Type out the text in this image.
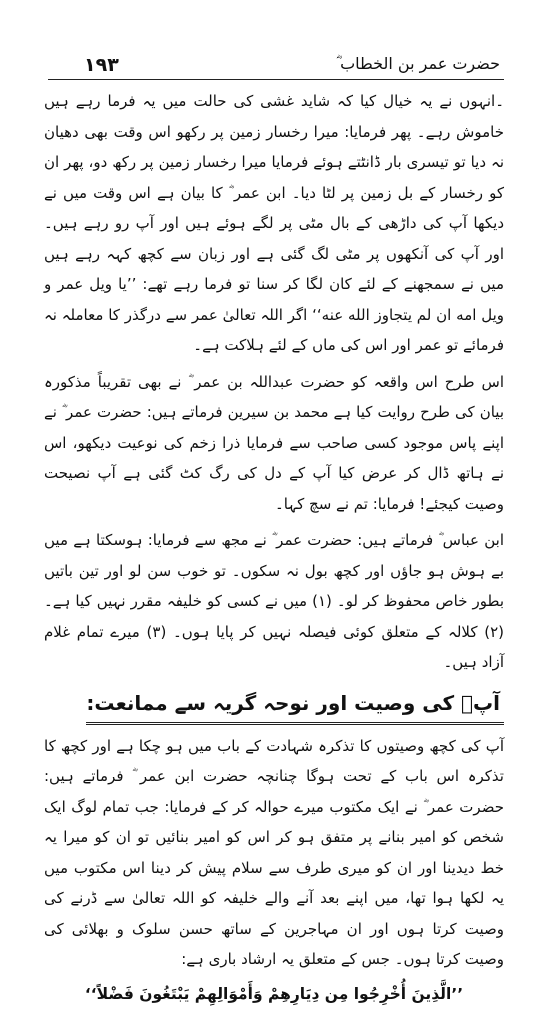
۱۹۳	حضرت عمر بن الخطاب ؓ

۔انہوں نے یہ خیال کیا کہ شاید غشی کی حالت میں یہ فرما رہے ہیں خاموش رہے۔ پھر فرمایا: میرا رخسار زمین پر رکھو اس وقت بھی دھیان نہ دیا تو تیسری بار ڈانٹتے ہوئے فرمایا میرا رخسار زمین پر رکھ دو، پھر ان کو رخسار کے بل زمین پر لٹا دیا۔ ابن عمر ؓ کا بیان ہے اس وقت میں نے دیکھا آپ کی داڑھی کے بال مٹی پر لگے ہوئے ہیں اور آپ رو رہے ہیں۔ اور آپ کی آنکھوں پر مٹی لگ گئی ہے اور زبان سے کچھ کہہ رہے ہیں میں نے سمجھنے کے لئے کان لگا کر سنا تو فرما رہے تھے: ’’یا ویل عمر و ویل امه ان لم یتجاوز الله عنه‘‘ اگر اللہ تعالیٰ عمر سے درگذر کا معاملہ نہ فرمائے تو عمر اور اس کی ماں کے لئے ہلاکت ہے۔

اس طرح اس واقعہ کو حضرت عبداللہ بن عمر ؓ نے بھی تقریباً مذکورہ بیان کی طرح روایت کیا ہے محمد بن سیرین فرماتے ہیں: حضرت عمر ؓ نے اپنے پاس موجود کسی صاحب سے فرمایا ذرا زخم کی نوعیت دیکھو، اس نے ہاتھ ڈال کر عرض کیا آپ کے دل کی رگ کٹ گئی ہے آپ نصیحت وصیت کیجئے! فرمایا: تم نے سچ کہا۔

ابن عباس ؓ فرماتے ہیں: حضرت عمر ؓ نے مجھ سے فرمایا: ہوسکتا ہے میں بے ہوش ہو جاؤں اور کچھ بول نہ سکوں۔ تو خوب سن لو اور تین باتیں بطور خاص محفوظ کر لو۔ (۱) میں نے کسی کو خلیفہ مقرر نہیں کیا ہے۔ (۲) کلالہ کے متعلق کوئی فیصلہ نہیں کر پایا ہوں۔ (۳) میرے تمام غلام آزاد ہیں۔

آپؓ کی وصیت اور نوحہ گریہ سے ممانعت:

آپ کی کچھ وصیتوں کا تذکرہ شہادت کے باب میں ہو چکا ہے اور کچھ کا تذکرہ اس باب کے تحت ہوگا چنانچہ حضرت ابن عمر ؓ فرماتے ہیں: حضرت عمر ؓ نے ایک مکتوب میرے حوالہ کر کے فرمایا: جب تمام لوگ ایک شخص کو امیر بنانے پر متفق ہو کر اس کو امیر بنائیں تو ان کو میرا یہ خط دیدینا اور ان کو میری طرف سے سلام پیش کر دینا اس مکتوب میں یہ لکھا ہوا تھا، میں اپنے بعد آنے والے خلیفہ کو اللہ تعالیٰ سے ڈرنے کی وصیت کرتا ہوں اور ان مہاجرین کے ساتھ حسن سلوک و بھلائی کی وصیت کرتا ہوں۔ جس کے متعلق یہ ارشاد باری ہے:

’’الَّذِينَ أُخْرِجُوا مِن دِيَارِهِمْ وَأَمْوَالِهِمْ يَبْتَغُونَ فَضْلاً‘‘
